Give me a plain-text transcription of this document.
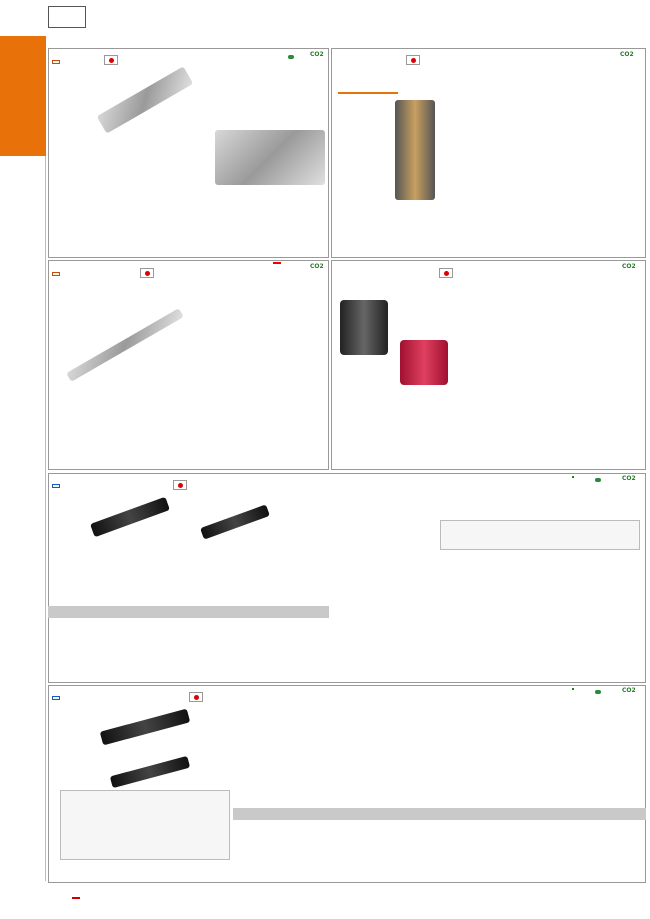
CO2
	CO2

CO2
	CO2

CO2
CO2
